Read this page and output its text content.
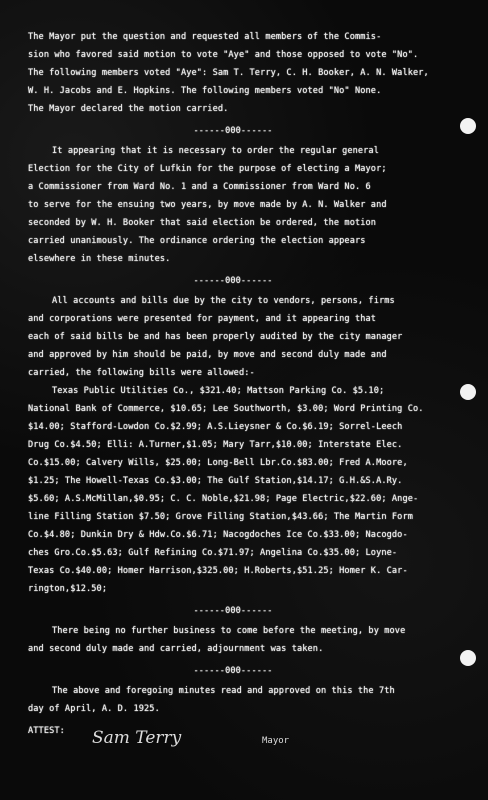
The Mayor put the question and requested all members of the Commis-
sion who favored said motion to vote "Aye" and those opposed to vote "No".
The following members voted "Aye": Sam T. Terry, C. H. Booker, A. N. Walker,
W. H. Jacobs and E. Hopkins. The following members voted "No" None.
The Mayor declared the motion carried.
------000------
It appearing that it is necessary to order the regular general
Election for the City of Lufkin for the purpose of electing a Mayor;
a Commissioner from Ward No. 1 and a Commissioner from Ward No. 6
to serve for the ensuing two years, by move made by A. N. Walker and
seconded by W. H. Booker that said election be ordered, the motion
carried unanimously. The ordinance ordering the election appears
elsewhere in these minutes.
------000------
All accounts and bills due by the city to vendors, persons, firms
and corporations were presented for payment, and it appearing that
each of said bills be and has been properly audited by the city manager
and approved by him should be paid, by move and second duly made and
carried, the following bills were allowed:-
Texas Public Utilities Co., $321.40; Mattson Parking Co. $5.10;
National Bank of Commerce, $10.65; Lee Southworth, $3.00; Word Printing Co.
$14.00; Stafford-Lowdon Co.$2.99; A.S.Lieysner & Co.$6.19; Sorrel-Leech
Drug Co.$4.50; Elli: A.Turner,$1.05; Mary Tarr,$10.00; Interstate Elec.
Co.$15.00; Calvery Wills, $25.00; Long-Bell Lbr.Co.$83.00; Fred A.Moore,
$1.25; The Howell-Texas Co.$3.00; The Gulf Station,$14.17; G.H.&S.A.Ry.
$5.60; A.S.McMillan,$0.95; C. C. Noble,$21.98; Page Electric,$22.60; Ange-
line Filling Station $7.50; Grove Filling Station,$43.66; The Martin Form
Co.$4.80; Dunkin Dry & Hdw.Co.$6.71; Nacogdoches Ice Co.$33.00; Nacogdo-
ches Gro.Co.$5.63; Gulf Refining Co.$71.97; Angelina Co.$35.00; Loyne-
Texas Co.$40.00; Homer Harrison,$325.00; H.Roberts,$51.25; Homer K. Car-
rington,$12.50;
------000------
There being no further business to come before the meeting, by move
and second duly made and carried, adjournment was taken.
------000------
The above and foregoing minutes read and approved on this the 7th
day of April, A. D. 1925.
ATTEST:	Sam Terry	Mayor
